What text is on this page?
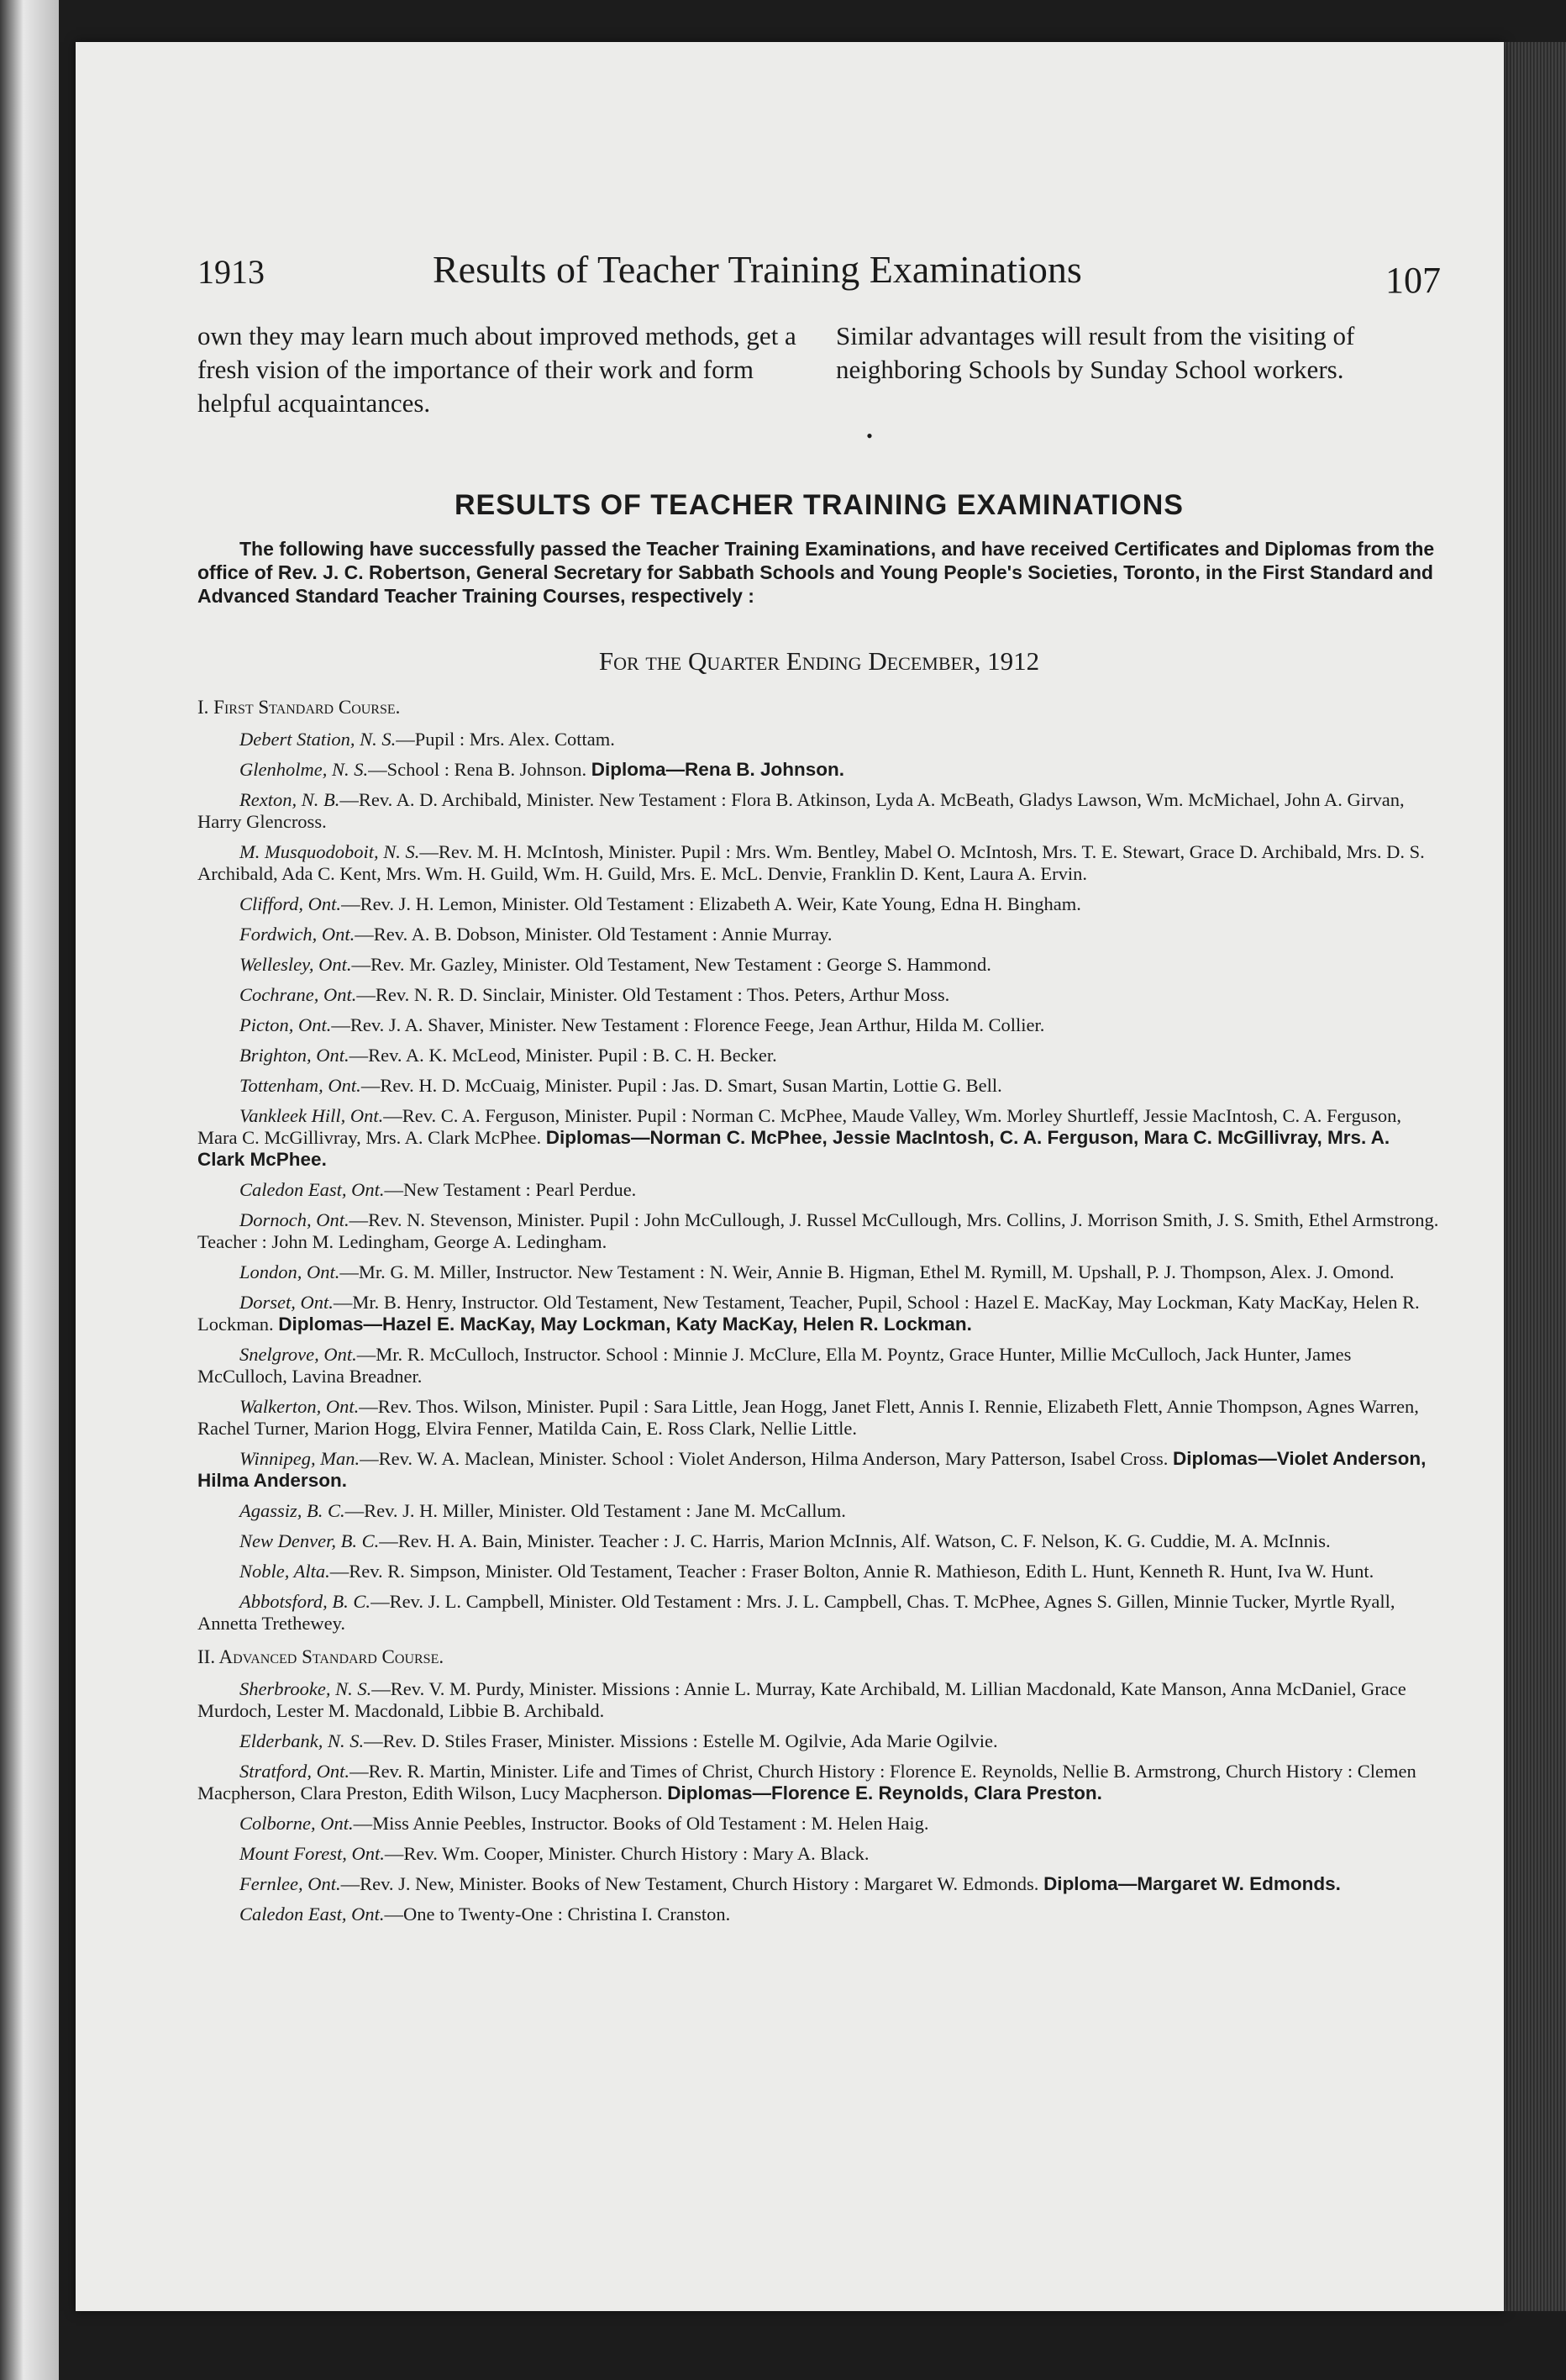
1913	Results of Teacher Training Examinations	107
own they may learn much about improved methods, get a fresh vision of the importance of their work and form helpful acquaintances.
Similar advantages will result from the visiting of neighboring Schools by Sunday School workers.
•
RESULTS OF TEACHER TRAINING EXAMINATIONS
The following have successfully passed the Teacher Training Examinations, and have received Certificates and Diplomas from the office of Rev. J. C. Robertson, General Secretary for Sabbath Schools and Young People's Societies, Toronto, in the First Standard and Advanced Standard Teacher Training Courses, respectively :
For the Quarter Ending December, 1912
I. First Standard Course.
Debert Station, N. S.—Pupil : Mrs. Alex. Cottam.
Glenholme, N. S.—School : Rena B. Johnson. Diploma—Rena B. Johnson.
Rexton, N. B.—Rev. A. D. Archibald, Minister. New Testament : Flora B. Atkinson, Lyda A. McBeath, Gladys Lawson, Wm. McMichael, John A. Girvan, Harry Glencross.
M. Musquodoboit, N. S.—Rev. M. H. McIntosh, Minister. Pupil : Mrs. Wm. Bentley, Mabel O. McIntosh, Mrs. T. E. Stewart, Grace D. Archibald, Mrs. D. S. Archibald, Ada C. Kent, Mrs. Wm. H. Guild, Wm. H. Guild, Mrs. E. McL. Denvie, Franklin D. Kent, Laura A. Ervin.
Clifford, Ont.—Rev. J. H. Lemon, Minister. Old Testament : Elizabeth A. Weir, Kate Young, Edna H. Bingham.
Fordwich, Ont.—Rev. A. B. Dobson, Minister. Old Testament : Annie Murray.
Wellesley, Ont.—Rev. Mr. Gazley, Minister. Old Testament, New Testament : George S. Hammond.
Cochrane, Ont.—Rev. N. R. D. Sinclair, Minister. Old Testament : Thos. Peters, Arthur Moss.
Picton, Ont.—Rev. J. A. Shaver, Minister. New Testament : Florence Feege, Jean Arthur, Hilda M. Collier.
Brighton, Ont.—Rev. A. K. McLeod, Minister. Pupil : B. C. H. Becker.
Tottenham, Ont.—Rev. H. D. McCuaig, Minister. Pupil : Jas. D. Smart, Susan Martin, Lottie G. Bell.
Vankleek Hill, Ont.—Rev. C. A. Ferguson, Minister. Pupil : Norman C. McPhee, Maude Valley, Wm. Morley Shurtleff, Jessie MacIntosh, C. A. Ferguson, Mara C. McGillivray, Mrs. A. Clark McPhee. Diplomas—Norman C. McPhee, Jessie MacIntosh, C. A. Ferguson, Mara C. McGillivray, Mrs. A. Clark McPhee.
Caledon East, Ont.—New Testament : Pearl Perdue.
Dornoch, Ont.—Rev. N. Stevenson, Minister. Pupil : John McCullough, J. Russel McCullough, Mrs. Collins, J. Morrison Smith, J. S. Smith, Ethel Armstrong. Teacher : John M. Ledingham, George A. Ledingham.
London, Ont.—Mr. G. M. Miller, Instructor. New Testament : N. Weir, Annie B. Higman, Ethel M. Rymill, M. Upshall, P. J. Thompson, Alex. J. Omond.
Dorset, Ont.—Mr. B. Henry, Instructor. Old Testament, New Testament, Teacher, Pupil, School : Hazel E. MacKay, May Lockman, Katy MacKay, Helen R. Lockman. Diplomas—Hazel E. MacKay, May Lockman, Katy MacKay, Helen R. Lockman.
Snelgrove, Ont.—Mr. R. McCulloch, Instructor. School : Minnie J. McClure, Ella M. Poyntz, Grace Hunter, Millie McCulloch, Jack Hunter, James McCulloch, Lavina Breadner.
Walkerton, Ont.—Rev. Thos. Wilson, Minister. Pupil : Sara Little, Jean Hogg, Janet Flett, Annis I. Rennie, Elizabeth Flett, Annie Thompson, Agnes Warren, Rachel Turner, Marion Hogg, Elvira Fenner, Matilda Cain, E. Ross Clark, Nellie Little.
Winnipeg, Man.—Rev. W. A. Maclean, Minister. School : Violet Anderson, Hilma Anderson, Mary Patterson, Isabel Cross. Diplomas—Violet Anderson, Hilma Anderson.
Agassiz, B. C.—Rev. J. H. Miller, Minister. Old Testament : Jane M. McCallum.
New Denver, B. C.—Rev. H. A. Bain, Minister. Teacher : J. C. Harris, Marion McInnis, Alf. Watson, C. F. Nelson, K. G. Cuddie, M. A. McInnis.
Noble, Alta.—Rev. R. Simpson, Minister. Old Testament, Teacher : Fraser Bolton, Annie R. Mathieson, Edith L. Hunt, Kenneth R. Hunt, Iva W. Hunt.
Abbotsford, B. C.—Rev. J. L. Campbell, Minister. Old Testament : Mrs. J. L. Campbell, Chas. T. McPhee, Agnes S. Gillen, Minnie Tucker, Myrtle Ryall, Annetta Trethewey.
II. Advanced Standard Course.
Sherbrooke, N. S.—Rev. V. M. Purdy, Minister. Missions : Annie L. Murray, Kate Archibald, M. Lillian Macdonald, Kate Manson, Anna McDaniel, Grace Murdoch, Lester M. Macdonald, Libbie B. Archibald.
Elderbank, N. S.—Rev. D. Stiles Fraser, Minister. Missions : Estelle M. Ogilvie, Ada Marie Ogilvie.
Stratford, Ont.—Rev. R. Martin, Minister. Life and Times of Christ, Church History : Florence E. Reynolds, Nellie B. Armstrong, Church History : Clemen Macpherson, Clara Preston, Edith Wilson, Lucy Macpherson. Diplomas—Florence E. Reynolds, Clara Preston.
Colborne, Ont.—Miss Annie Peebles, Instructor. Books of Old Testament : M. Helen Haig.
Mount Forest, Ont.—Rev. Wm. Cooper, Minister. Church History : Mary A. Black.
Fernlee, Ont.—Rev. J. New, Minister. Books of New Testament, Church History : Margaret W. Edmonds. Diploma—Margaret W. Edmonds.
Caledon East, Ont.—One to Twenty-One : Christina I. Cranston.
